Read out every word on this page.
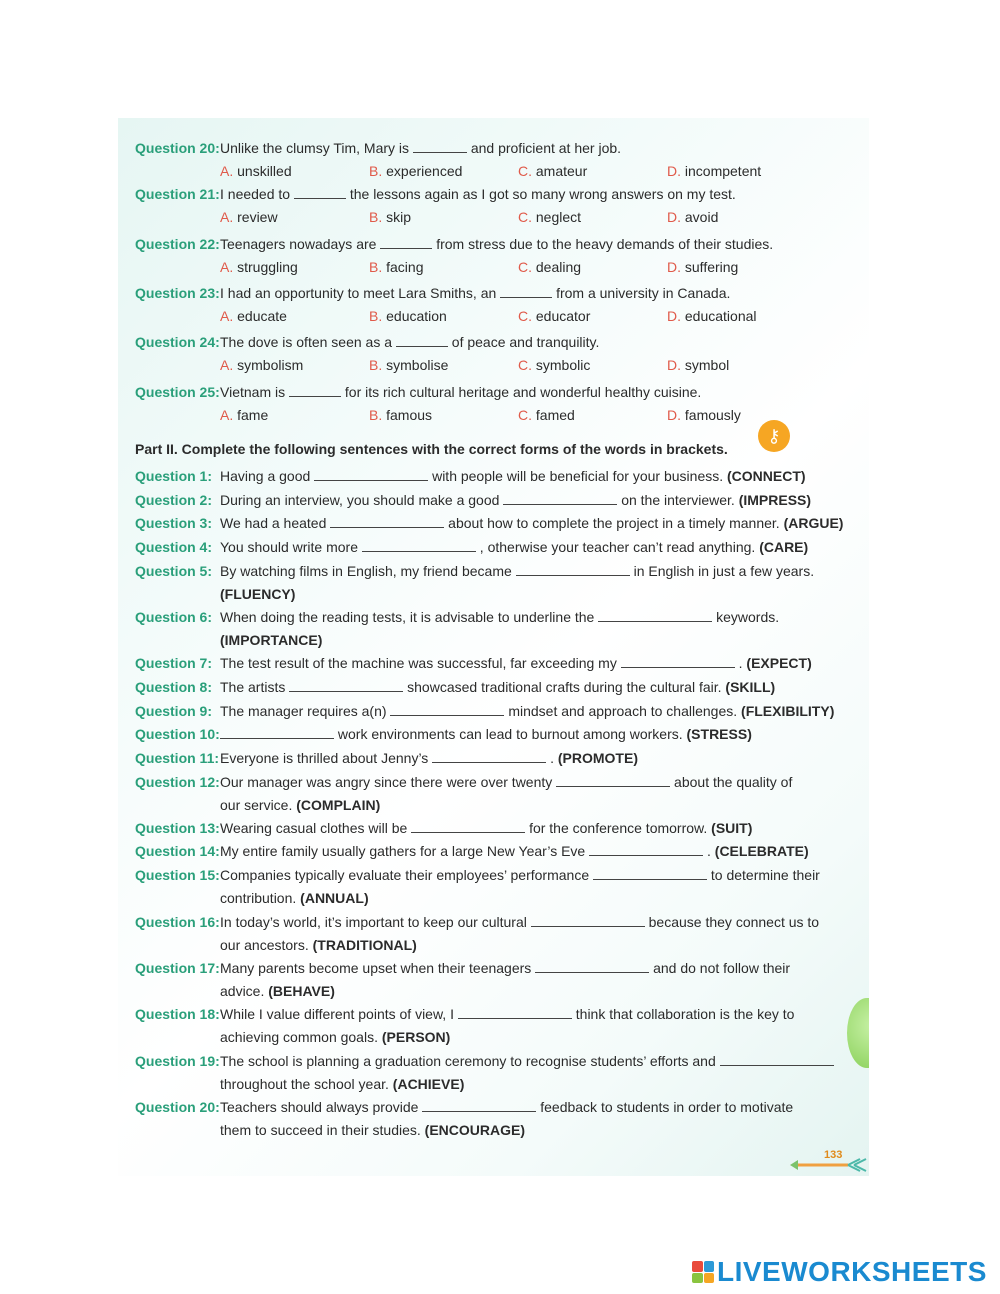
⚷
133
Question 20: Unlike the clumsy Tim, Mary is	and proficient at her job.
A. unskilled	B. experienced	C. amateur	D. incompetent
Question 21: I needed to	the lessons again as I got so many wrong answers on my test.
A. review	B. skip	C. neglect	D. avoid
Question 22: Teenagers nowadays are	from stress due to the heavy demands of their studies.
A. struggling	B. facing	C. dealing	D. suffering
Question 23: I had an opportunity to meet Lara Smiths, an	from a university in Canada.
A. educate	B. education	C. educator	D. educational
Question 24: The dove is often seen as a	of peace and tranquility.
A. symbolism	B. symbolise	C. symbolic	D. symbol
Question 25: Vietnam is	for its rich cultural heritage and wonderful healthy cuisine.
A. fame	B. famous	C. famed	D. famously
Part II. Complete the following sentences with the correct forms of the words in brackets.
Question 1: Having a good	with people will be beneficial for your business. (CONNECT)
Question 2: During an interview, you should make a good	on the interviewer. (IMPRESS)
Question 3: We had a heated	about how to complete the project in a timely manner. (ARGUE)
Question 4: You should write more	, otherwise your teacher can’t read anything. (CARE)
Question 5: By watching films in English, my friend became	in English in just a few years.
(FLUENCY)
Question 6: When doing the reading tests, it is advisable to underline the	keywords.
(IMPORTANCE)
Question 7: The test result of the machine was successful, far exceeding my	. (EXPECT)
Question 8: The artists	showcased traditional crafts during the cultural fair. (SKILL)
Question 9: The manager requires a(n)	mindset and approach to challenges. (FLEXIBILITY)
Question 10:	work environments can lead to burnout among workers. (STRESS)
Question 11: Everyone is thrilled about Jenny’s	. (PROMOTE)
Question 12: Our manager was angry since there were over twenty	about the quality of
our service. (COMPLAIN)
Question 13: Wearing casual clothes will be	for the conference tomorrow. (SUIT)
Question 14: My entire family usually gathers for a large New Year’s Eve	. (CELEBRATE)
Question 15: Companies typically evaluate their employees’ performance	to determine their
contribution. (ANNUAL)
Question 16: In today’s world, it’s important to keep our cultural	because they connect us to
our ancestors. (TRADITIONAL)
Question 17: Many parents become upset when their teenagers	and do not follow their
advice. (BEHAVE)
Question 18: While I value different points of view, I	think that collaboration is the key to
achieving common goals. (PERSON)
Question 19: The school is planning a graduation ceremony to recognise students’ efforts and
throughout the school year. (ACHIEVE)
Question 20: Teachers should always provide	feedback to students in order to motivate
them to succeed in their studies. (ENCOURAGE)
LIVEWORKSHEETS
